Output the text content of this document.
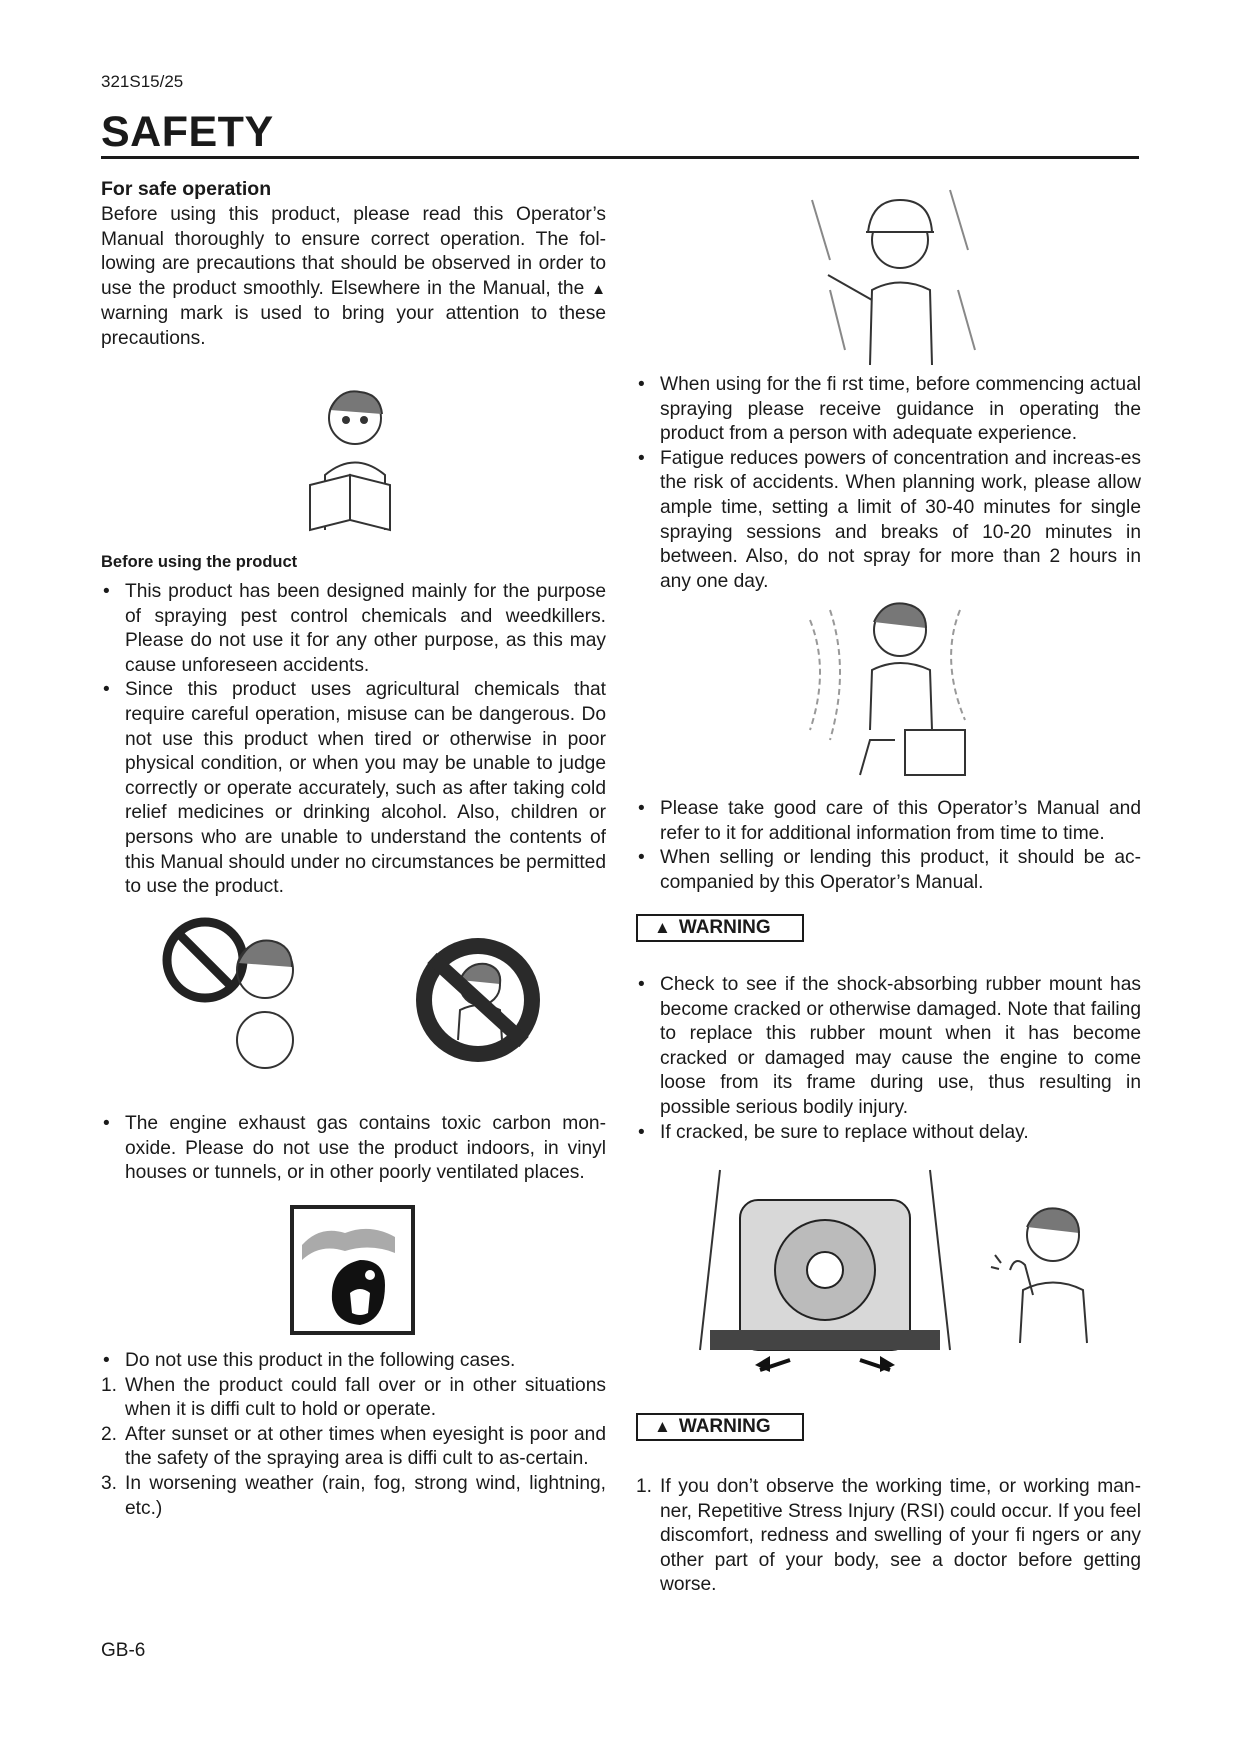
321S15/25
SAFETY
For safe operation
Before using this product, please read this Operator’s Manual thoroughly to ensure correct operation. The fol-lowing are precautions that should be observed in order to use the product smoothly. Elsewhere in the Manual, the ▲ warning mark is used to bring your attention to these precautions.
Before using the product
• This product has been designed mainly for the purpose of spraying pest control chemicals and weedkillers. Please do not use it for any other purpose, as this may cause unforeseen accidents.
• Since this product uses agricultural chemicals that require careful operation, misuse can be dangerous. Do not use this product when tired or otherwise in poor physical condition, or when you may be unable to judge correctly or operate accurately, such as after taking cold relief medicines or drinking alcohol. Also, children or persons who are unable to understand the contents of this Manual should under no circumstances be permitted to use the product.
• The engine exhaust gas contains toxic carbon mon-oxide. Please do not use the product indoors, in vinyl houses or tunnels, or in other poorly ventilated places.
• Do not use this product in the following cases.
1. When the product could fall over or in other situations when it is diffi cult to hold or operate.
2. After sunset or at other times when eyesight is poor and the safety of the spraying area is diffi cult to as-certain.
3. In worsening weather (rain, fog, strong wind, lightning, etc.)
• When using for the fi rst time, before commencing actual spraying please receive guidance in operating the product from a person with adequate experience.
• Fatigue reduces powers of concentration and increas-es the risk of accidents. When planning work, please allow ample time, setting a limit of 30-40 minutes for single spraying sessions and breaks of 10-20 minutes in between. Also, do not spray for more than 2 hours in any one day.
• Please take good care of this Operator’s Manual and refer to it for additional information from time to time.
• When selling or lending this product, it should be ac-companied by this Operator’s Manual.
▲ WARNING
• Check to see if the shock-absorbing rubber mount has become cracked or otherwise damaged. Note that failing to replace this rubber mount when it has become cracked or damaged may cause the engine to come loose from its frame during use, thus resulting in possible serious bodily injury.
• If cracked, be sure to replace without delay.
▲ WARNING
1. If you don’t observe the working time, or working man-ner, Repetitive Stress Injury (RSI) could occur. If you feel discomfort, redness and swelling of your fi ngers or any other part of your body, see a doctor before getting worse.
GB-6
